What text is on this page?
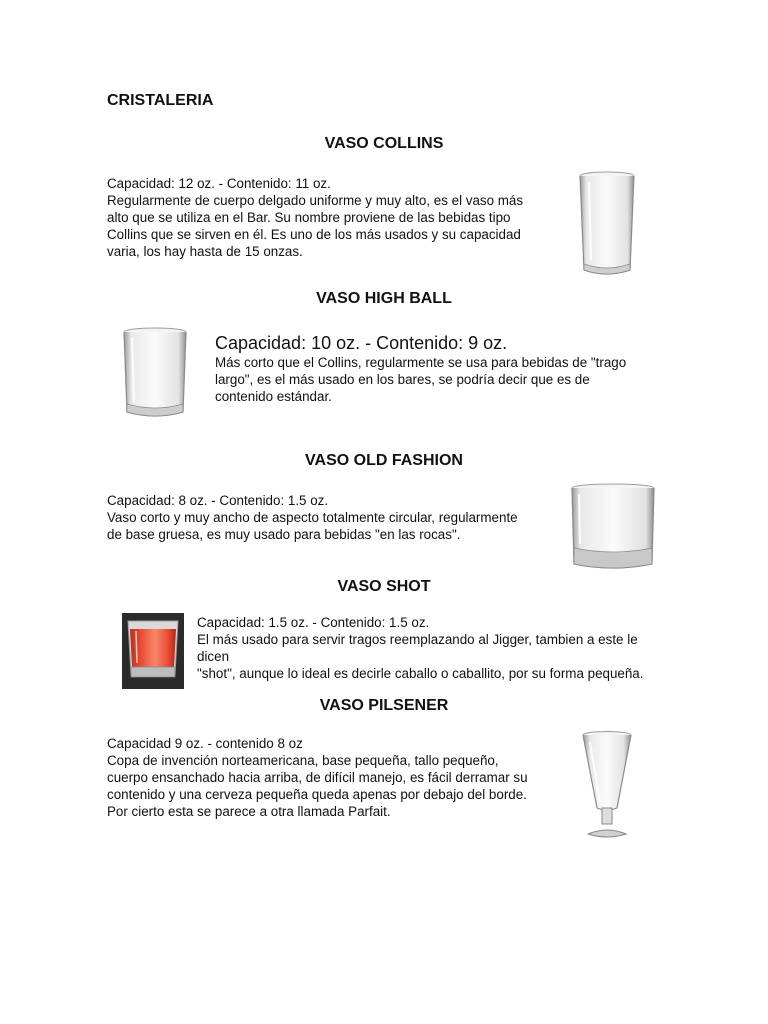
CRISTALERIA
VASO COLLINS
Capacidad: 12 oz. - Contenido: 11 oz.
Regularmente de cuerpo delgado uniforme y muy alto, es el vaso más
alto que se utiliza en el Bar. Su nombre proviene de las bebidas tipo
Collins que se sirven en él. Es uno de los más usados y su capacidad
varia, los hay hasta de 15 onzas.
VASO HIGH BALL
Capacidad: 10 oz. - Contenido: 9 oz.
Más corto que el Collins, regularmente se usa para bebidas de "trago
largo", es el más usado en los bares, se podría decir que es de
contenido estándar.
VASO OLD FASHION
Capacidad: 8 oz. - Contenido: 1.5 oz.
Vaso corto y muy ancho de aspecto totalmente circular, regularmente
de base gruesa, es muy usado para bebidas "en las rocas".
VASO SHOT
Capacidad: 1.5 oz. - Contenido: 1.5 oz.
El más usado para servir tragos reemplazando al Jigger, tambien a este le
dicen
"shot", aunque lo ideal es decirle caballo o caballito, por su forma pequeña.
VASO PILSENER
Capacidad 9 oz. - contenido 8 oz
Copa de invención norteamericana, base pequeña, tallo pequeño,
cuerpo ensanchado hacia arriba, de difícil manejo, es fácil derramar su
contenido y una cerveza pequeña queda apenas por debajo del borde.
Por cierto esta se parece a otra llamada Parfait.
